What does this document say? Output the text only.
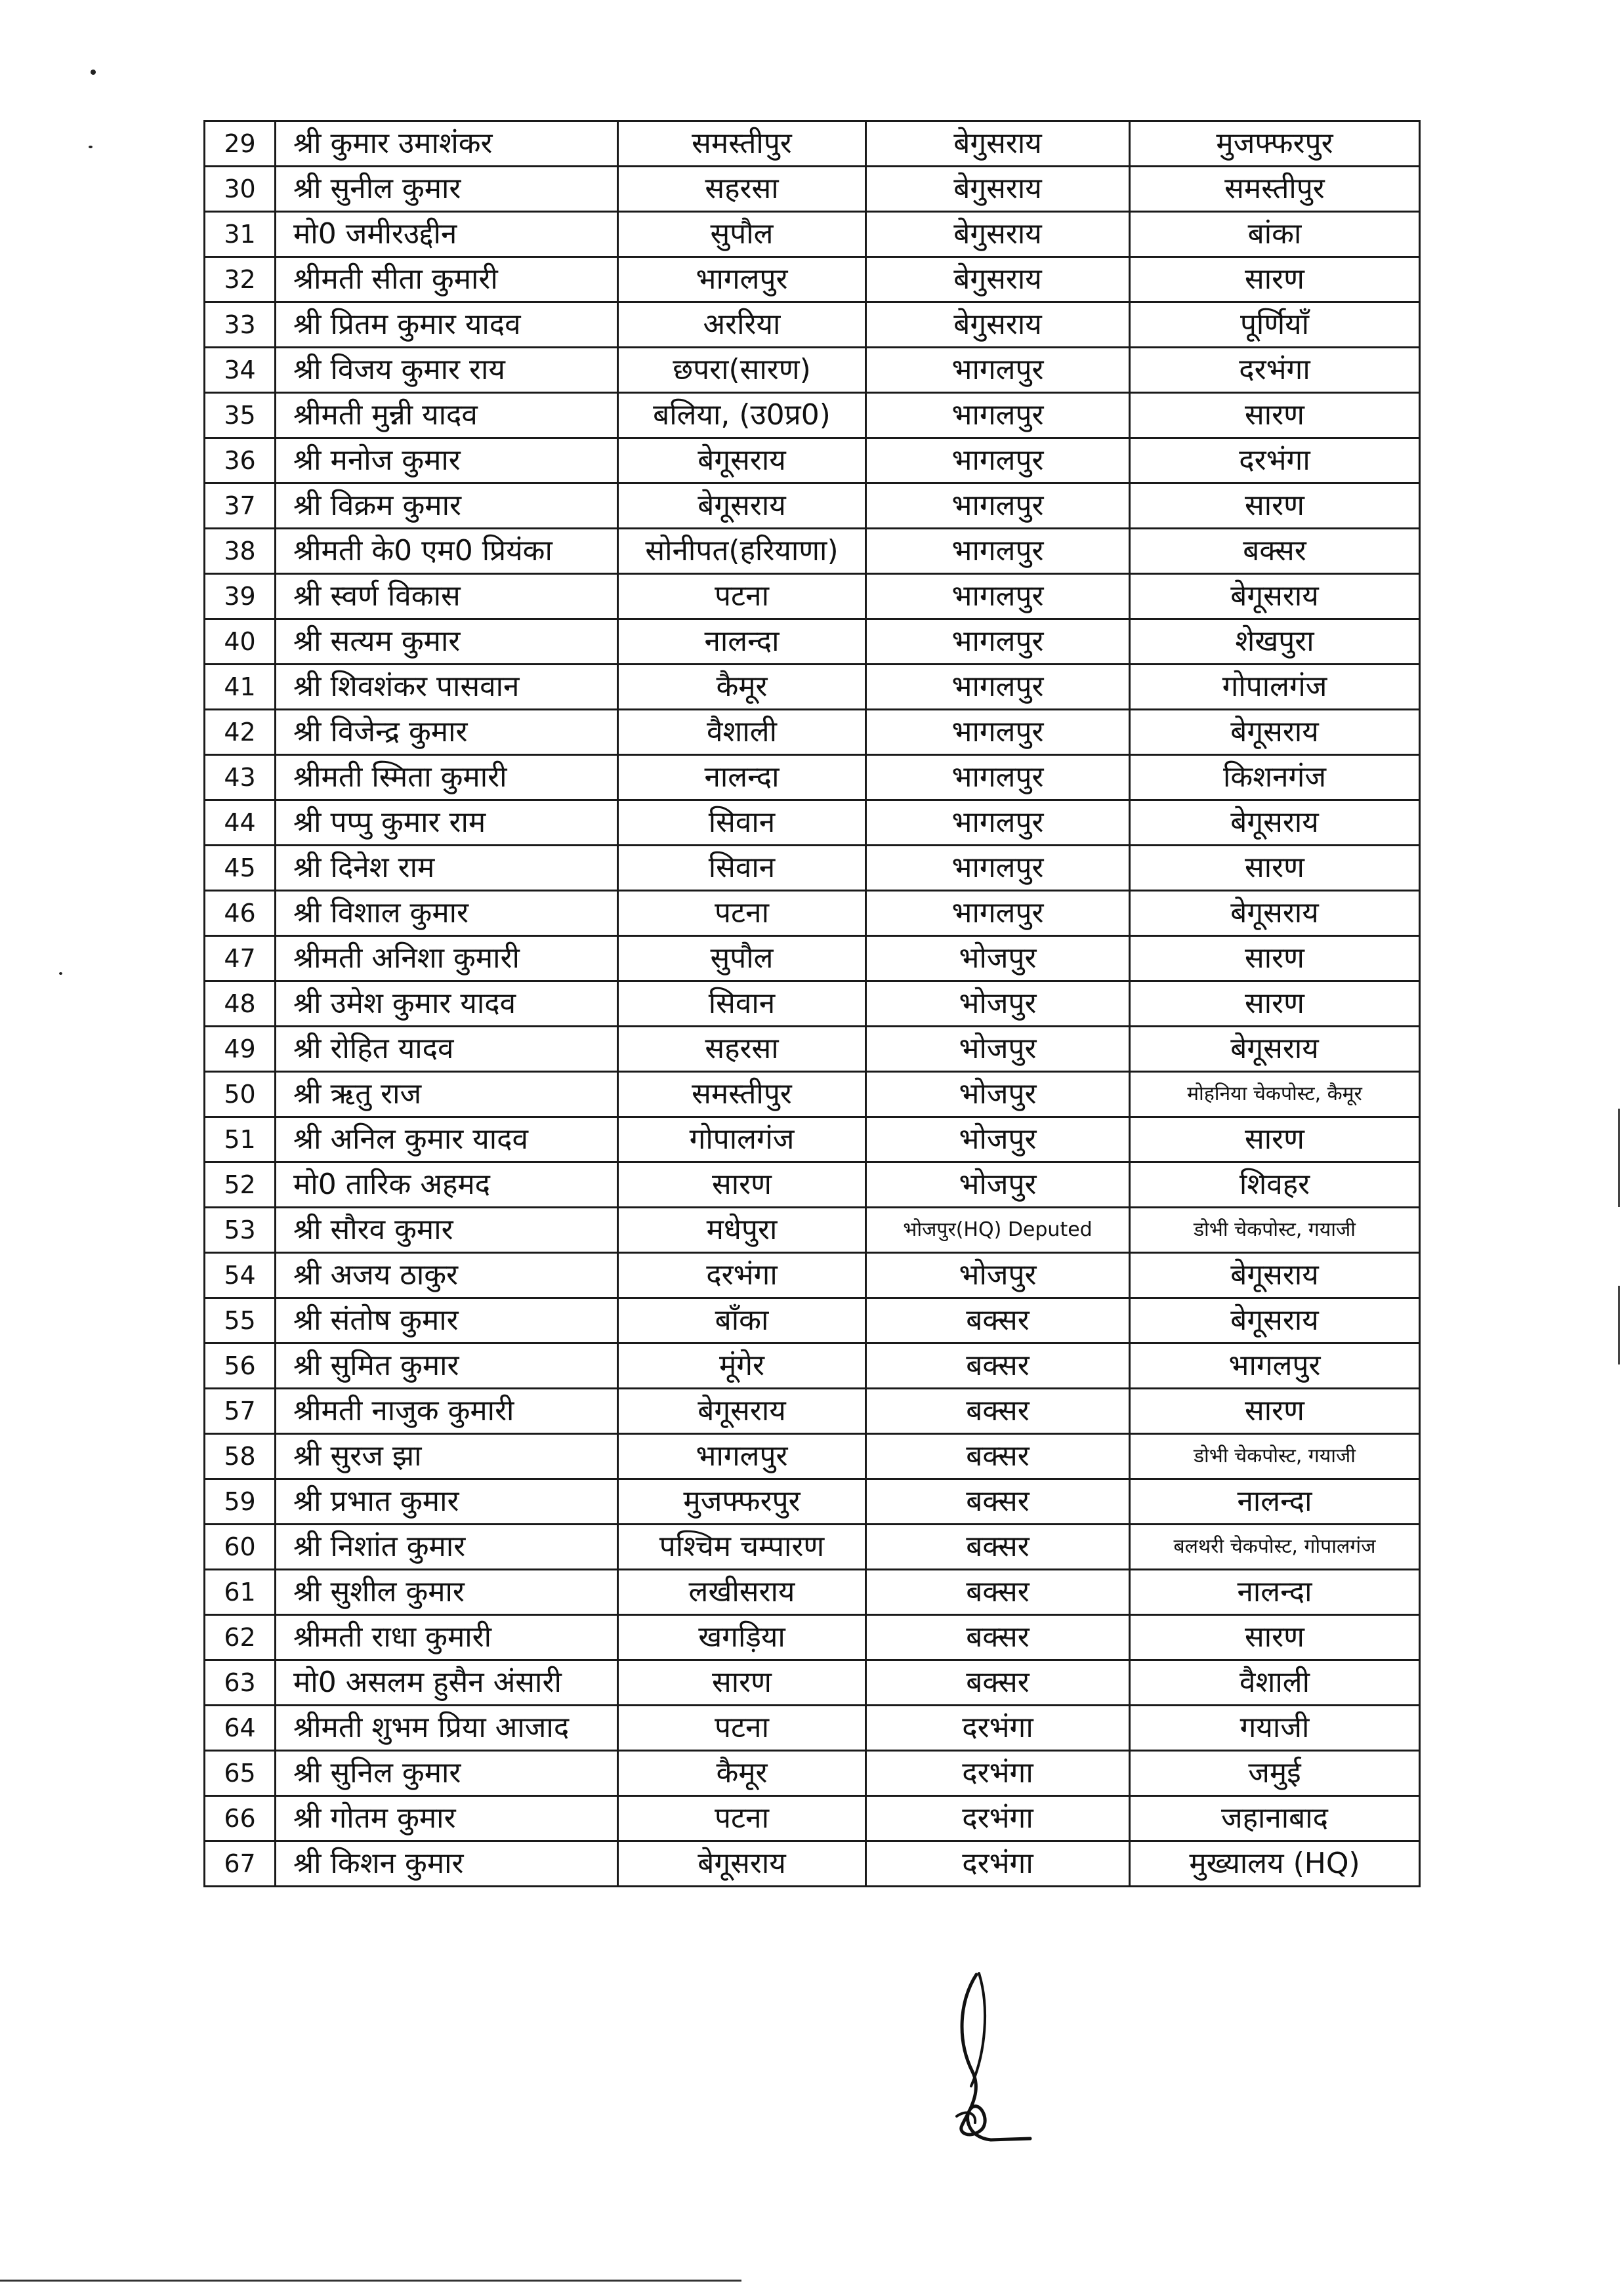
29	श्री कुमार उमाशंकर	समस्तीपुर	बेगुसराय	मुजफ्फरपुर
30	श्री सुनील कुमार	सहरसा	बेगुसराय	समस्तीपुर
31	मो0 जमीरउद्दीन	सुपौल	बेगुसराय	बांका
32	श्रीमती सीता कुमारी	भागलपुर	बेगुसराय	सारण
33	श्री प्रितम कुमार यादव	अररिया	बेगुसराय	पूर्णियाँ
34	श्री विजय कुमार राय	छपरा(सारण)	भागलपुर	दरभंगा
35	श्रीमती मुन्नी यादव	बलिया, (उ0प्र0)	भागलपुर	सारण
36	श्री मनोज कुमार	बेगूसराय	भागलपुर	दरभंगा
37	श्री विक्रम कुमार	बेगूसराय	भागलपुर	सारण
38	श्रीमती के0 एम0 प्रियंका	सोनीपत(हरियाणा)	भागलपुर	बक्सर
39	श्री स्वर्ण विकास	पटना	भागलपुर	बेगूसराय
40	श्री सत्यम कुमार	नालन्दा	भागलपुर	शेखपुरा
41	श्री शिवशंकर पासवान	कैमूर	भागलपुर	गोपालगंज
42	श्री विजेन्द्र कुमार	वैशाली	भागलपुर	बेगूसराय
43	श्रीमती स्मिता कुमारी	नालन्दा	भागलपुर	किशनगंज
44	श्री पप्पु कुमार राम	सिवान	भागलपुर	बेगूसराय
45	श्री दिनेश राम	सिवान	भागलपुर	सारण
46	श्री विशाल कुमार	पटना	भागलपुर	बेगूसराय
47	श्रीमती अनिशा कुमारी	सुपौल	भोजपुर	सारण
48	श्री उमेश कुमार यादव	सिवान	भोजपुर	सारण
49	श्री रोहित यादव	सहरसा	भोजपुर	बेगूसराय
50	श्री ऋतु राज	समस्तीपुर	भोजपुर	मोहनिया चेकपोस्ट, कैमूर
51	श्री अनिल कुमार यादव	गोपालगंज	भोजपुर	सारण
52	मो0 तारिक अहमद	सारण	भोजपुर	शिवहर
53	श्री सौरव कुमार	मधेपुरा	भोजपुर(HQ) Deputed	डोभी चेकपोस्ट, गयाजी
54	श्री अजय ठाकुर	दरभंगा	भोजपुर	बेगूसराय
55	श्री संतोष कुमार	बाँका	बक्सर	बेगूसराय
56	श्री सुमित कुमार	मूंगेर	बक्सर	भागलपुर
57	श्रीमती नाजुक कुमारी	बेगूसराय	बक्सर	सारण
58	श्री सुरज झा	भागलपुर	बक्सर	डोभी चेकपोस्ट, गयाजी
59	श्री प्रभात कुमार	मुजफ्फरपुर	बक्सर	नालन्दा
60	श्री निशांत कुमार	पश्चिम चम्पारण	बक्सर	बलथरी चेकपोस्ट, गोपालगंज
61	श्री सुशील कुमार	लखीसराय	बक्सर	नालन्दा
62	श्रीमती राधा कुमारी	खगड़िया	बक्सर	सारण
63	मो0 असलम हुसैन अंसारी	सारण	बक्सर	वैशाली
64	श्रीमती शुभम प्रिया आजाद	पटना	दरभंगा	गयाजी
65	श्री सुनिल कुमार	कैमूर	दरभंगा	जमुई
66	श्री गोतम कुमार	पटना	दरभंगा	जहानाबाद
67	श्री किशन कुमार	बेगूसराय	दरभंगा	मुख्यालय (HQ)
